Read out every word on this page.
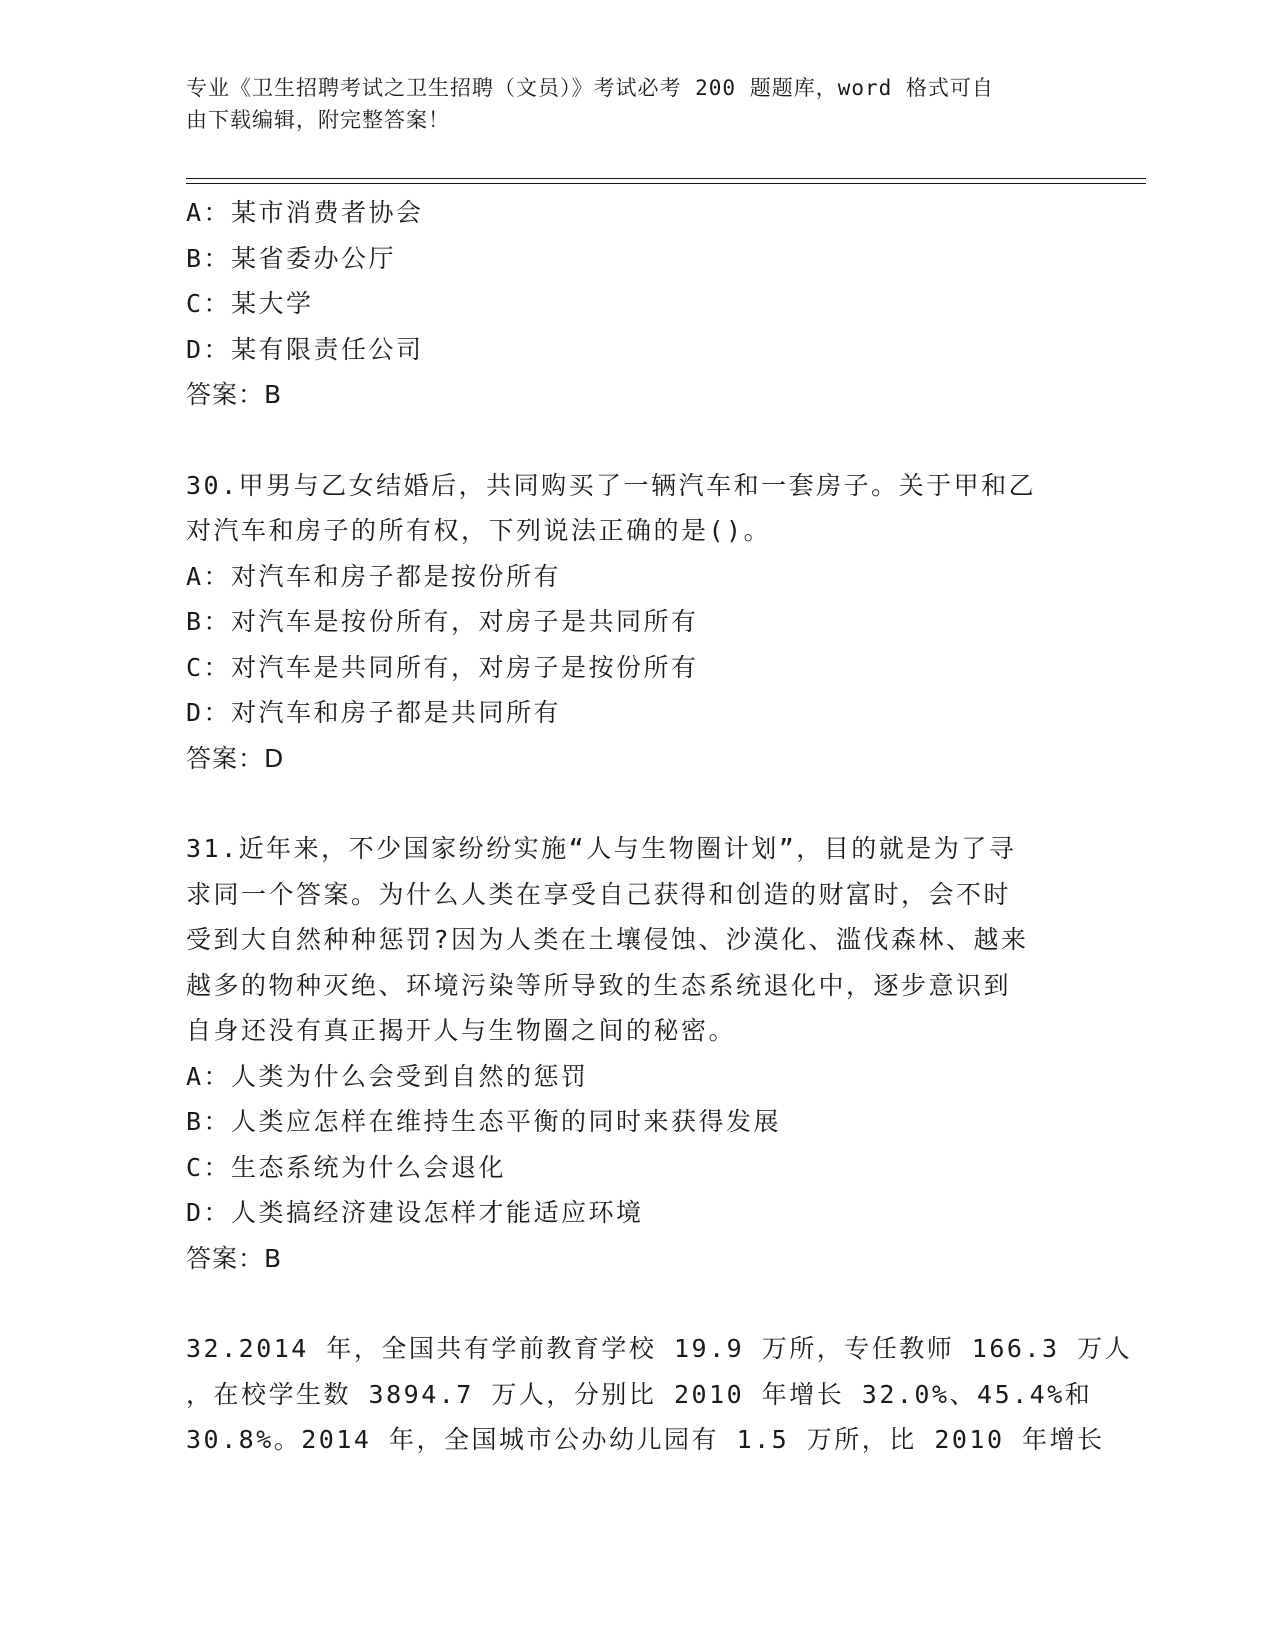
专业《卫生招聘考试之卫生招聘（文员）》考试必考 200 题题库，word 格式可自
由下载编辑，附完整答案！
A：某市消费者协会
B：某省委办公厅
C：某大学
D：某有限责任公司
答案：B
30.甲男与乙女结婚后，共同购买了一辆汽车和一套房子。关于甲和乙
对汽车和房子的所有权，下列说法正确的是()。
A：对汽车和房子都是按份所有
B：对汽车是按份所有，对房子是共同所有
C：对汽车是共同所有，对房子是按份所有
D：对汽车和房子都是共同所有
答案：D
31.近年来，不少国家纷纷实施“人与生物圈计划”，目的就是为了寻
求同一个答案。为什么人类在享受自己获得和创造的财富时，会不时
受到大自然种种惩罚?因为人类在土壤侵蚀、沙漠化、滥伐森林、越来
越多的物种灭绝、环境污染等所导致的生态系统退化中，逐步意识到
自身还没有真正揭开人与生物圈之间的秘密。
A：人类为什么会受到自然的惩罚
B：人类应怎样在维持生态平衡的同时来获得发展
C：生态系统为什么会退化
D：人类搞经济建设怎样才能适应环境
答案：B
32.2014 年，全国共有学前教育学校 19.9 万所，专任教师 166.3 万人
，在校学生数 3894.7 万人，分别比 2010 年增长 32.0%、45.4%和
30.8%。2014 年，全国城市公办幼儿园有 1.5 万所，比 2010 年增长
